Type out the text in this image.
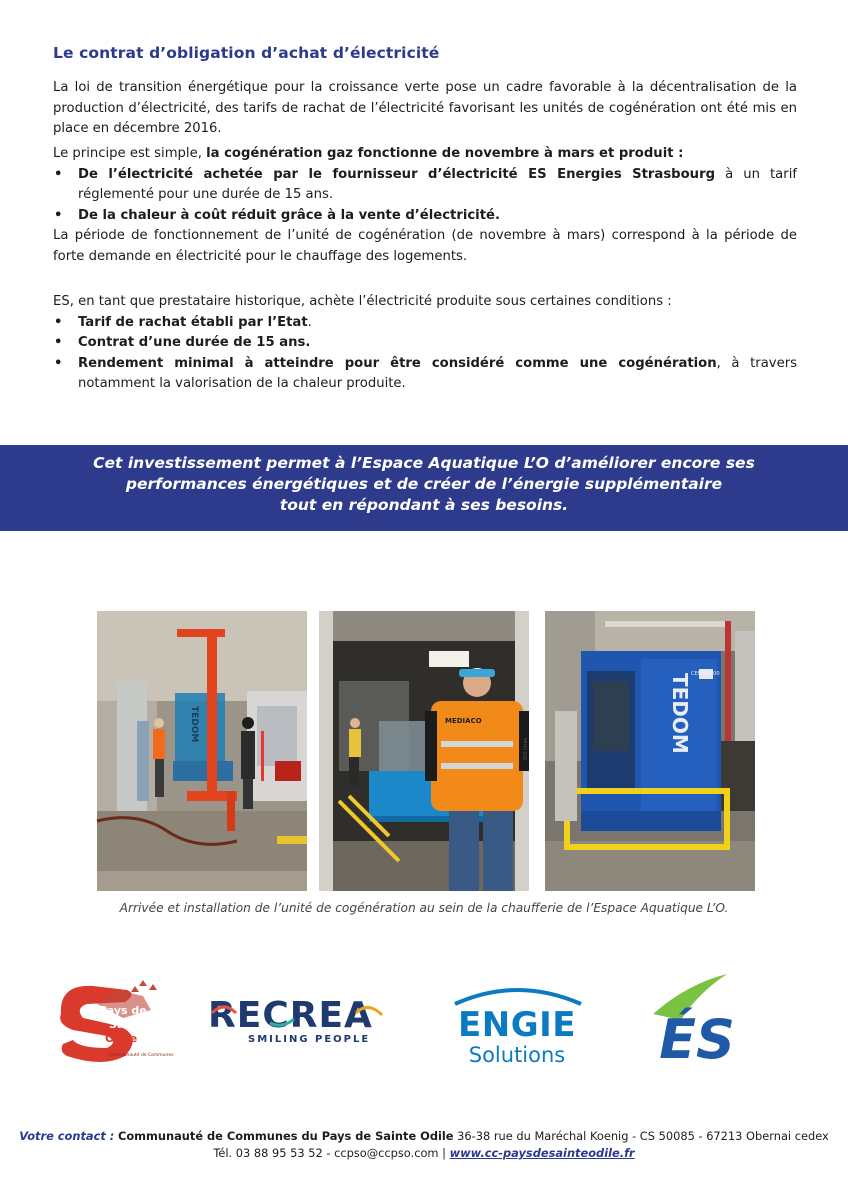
Le contrat d’obligation d’achat d’électricité

La loi de transition énergétique pour la croissance verte pose un cadre favorable à la décentralisation de la production d’électricité, des tarifs de rachat de l’électricité favorisant les unités de cogénération ont été mis en place en décembre 2016.

Le principe est simple, la cogénération gaz fonctionne de novembre à mars et produit :

• De l’électricité achetée par le fournisseur d’électricité ES Energies Strasbourg à un tarif réglementé pour une durée de 15 ans.
• De la chaleur à coût réduit grâce à la vente d’électricité.

La période de fonctionnement de l’unité de cogénération (de novembre à mars) correspond à la période de forte demande en électricité pour le chauffage des logements.

ES, en tant que prestataire historique, achète l’électricité produite sous certaines conditions :

• Tarif de rachat établi par l’Etat.
• Contrat d’une durée de 15 ans.
• Rendement minimal à atteindre pour être considéré comme une cogénération, à travers notamment la valorisation de la chaleur produite.
Cet investissement permet à l’Espace Aquatique L’O d’améliorer encore ses
performances énergétiques et de créer de l’énergie supplémentaire
tout en répondant à ses besoins.
TEDOM	MEDIACO	TEDOM CENTO 200
350 litres

Arrivée et installation de l’unité de cogénération au sein de la chaufferie de l’Espace Aquatique L’O.

Pays de
Sainte
Odile
Communauté de Communes
RECREA
SMILING PEOPLE	ENGIE
Solutions ÉS
Votre contact : Communauté de Communes du Pays de Sainte Odile 36-38 rue du Maréchal Koenig - CS 50085 - 67213 Obernai cedex
Tél. 03 88 95 53 52 - ccpso@ccpso.com | www.cc-paysdesainteodile.fr
